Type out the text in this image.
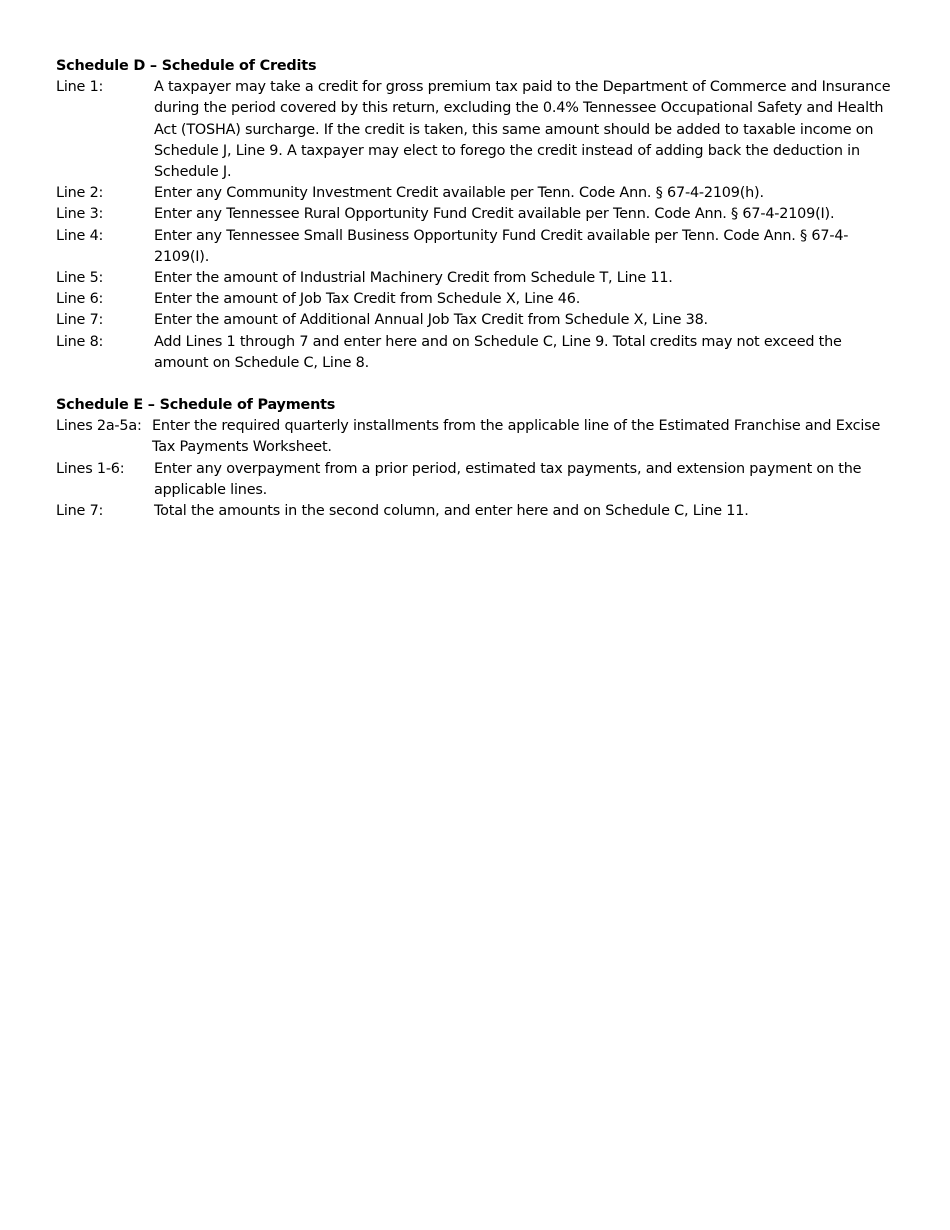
Schedule D – Schedule of Credits

Line 1:	A taxpayer may take a credit for gross premium tax paid to the Department of Commerce and Insurance during the period covered by this return, excluding the 0.4% Tennessee Occupational Safety and Health Act (TOSHA) surcharge. If the credit is taken, this same amount should be added to taxable income on Schedule J, Line 9. A taxpayer may elect to forego the credit instead of adding back the deduction in Schedule J.
Line 2:	Enter any Community Investment Credit available per Tenn. Code Ann. § 67-4-2109(h).
Line 3:	Enter any Tennessee Rural Opportunity Fund Credit available per Tenn. Code Ann. § 67-4-2109(I).
Line 4:	Enter any Tennessee Small Business Opportunity Fund Credit available per Tenn. Code Ann. § 67-4-2109(I).
Line 5:	Enter the amount of Industrial Machinery Credit from Schedule T, Line 11.
Line 6:	Enter the amount of Job Tax Credit from Schedule X, Line 46.
Line 7:	Enter the amount of Additional Annual Job Tax Credit from Schedule X, Line 38.
Line 8:	Add Lines 1 through 7 and enter here and on Schedule C, Line 9. Total credits may not exceed the amount on Schedule C, Line 8.

Schedule E – Schedule of Payments

Lines 2a-5a: Enter the required quarterly installments from the applicable line of the Estimated Franchise and Excise Tax Payments Worksheet.
Lines 1-6:	Enter any overpayment from a prior period, estimated tax payments, and extension payment on the applicable lines.
Line 7:	Total the amounts in the second column, and enter here and on Schedule C, Line 11.
